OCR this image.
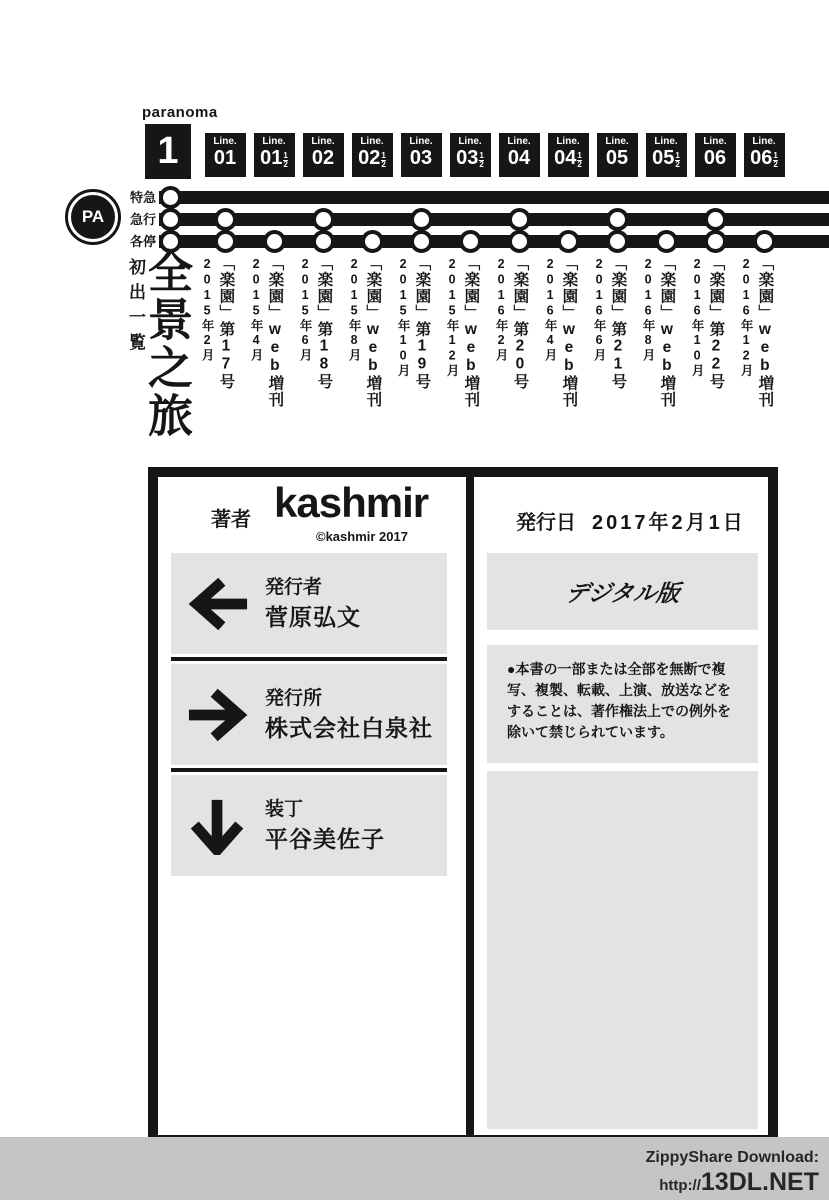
paranoma
1	Line.
01
Line.
$01 \frac{1}{2}$
Line.
02
Line.
$02 \frac{1}{2}$
Line.
03
Line.
$03 \frac{1}{2}$
Line.
04
Line.
$04 \frac{1}{2}$
Line.
05
Line.
$05 \frac{1}{2}$
Line.
06
Line.
$06 \frac{1}{2}$
PA
特急
急行
各停
初出一覧
全景之旅 2015年2月 「楽園」第17号 2015年4月 「楽園」web増刊 2015年6月 「楽園」第18号 2015年8月 「楽園」web増刊 2015年10月 「楽園」第19号 2015年12月 「楽園」web増刊 2016年2月 「楽園」第20号 2016年4月 「楽園」web増刊 2016年6月 「楽園」第21号 2016年8月 「楽園」web増刊 2016年10月 「楽園」第22号 2016年12月 「楽園」web増刊
著者 kashmir
©kashmir 2017
発行者
菅原弘文
発行所
株式会社白泉社
装丁
平谷美佐子
発行日 2017年2月1日
デジタル版
●本書の一部または全部を無断で複写、複製、転載、上演、放送などをすることは、著作権法上での例外を除いて禁じられています。
ZippyShare Download:
http://13DL.NET
